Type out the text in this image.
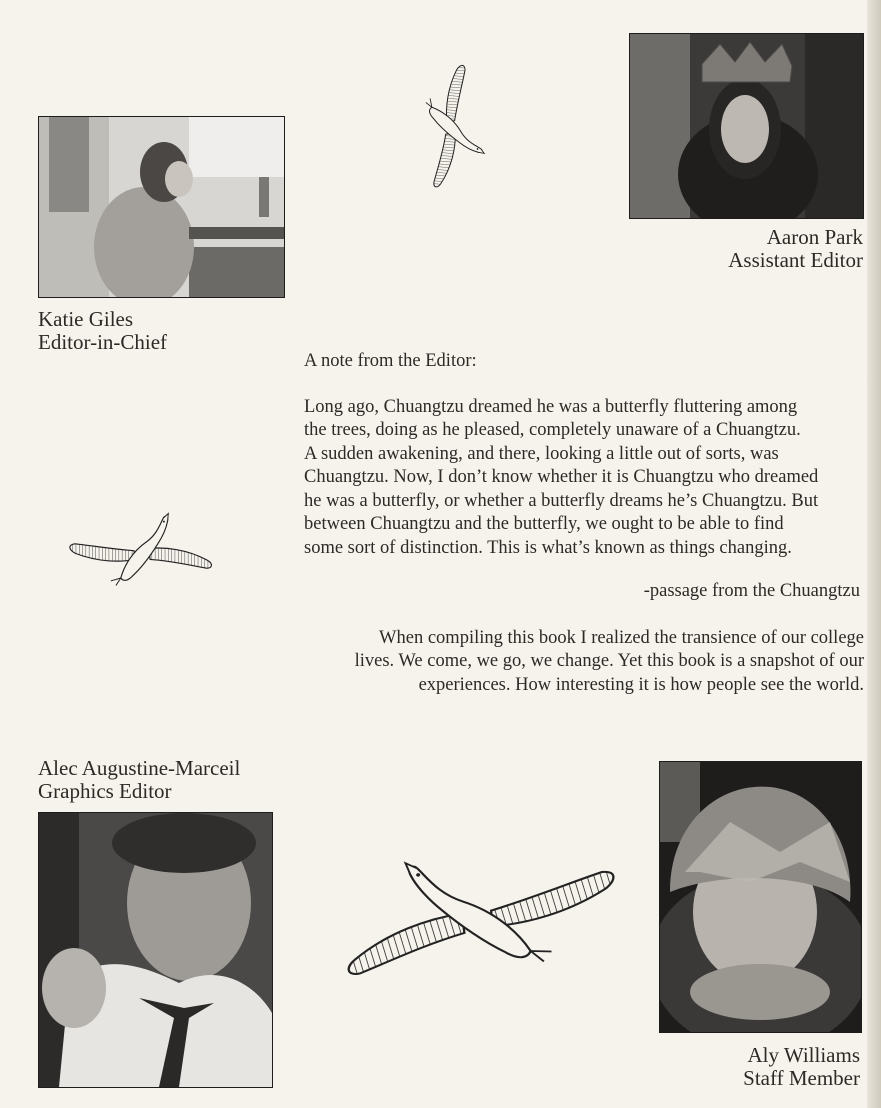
Katie Giles
Editor-in-Chief
Aaron Park
Assistant Editor
Alec Augustine-Marceil
Graphics Editor
Aly Williams
Staff Member

A note from the Editor:

Long ago, Chuangtzu dreamed he was a butterfly fluttering among
the trees, doing as he pleased, completely unaware of a Chuangtzu.
A sudden awakening, and there, looking a little out of sorts, was
Chuangtzu. Now, I don’t know whether it is Chuangtzu who dreamed
he was a butterfly, or whether a butterfly dreams he’s Chuangtzu. But
between Chuangtzu and the butterfly, we ought to be able to find
some sort of distinction. This is what’s known as things changing.

-passage from the Chuangtzu

When compiling this book I realized the transience of our college
lives. We come, we go, we change. Yet this book is a snapshot of our
experiences. How interesting it is how people see the world.
